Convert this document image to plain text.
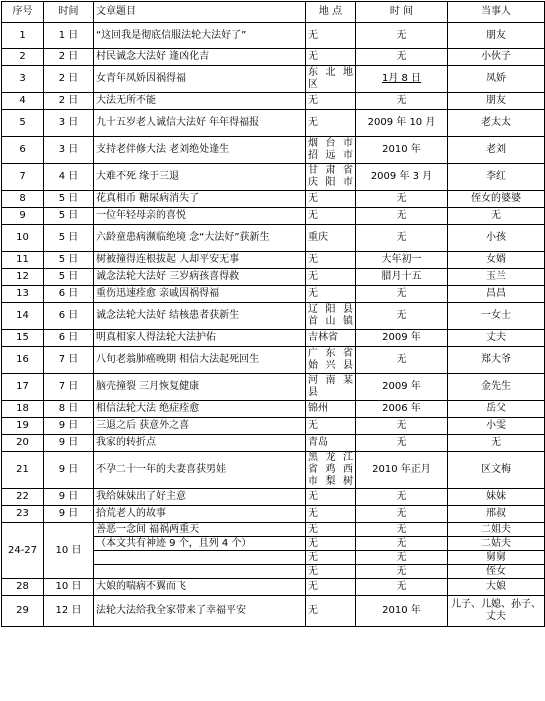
序号	时间	文章题目	地 点	时 间	当事人
1	1 日	“这回我是彻底信服法轮大法好了”	无	无	朋友
2	2 日	村民诚念大法好 逢凶化吉	无	无	小伙子
3	2 日	女青年凤娇因祸得福	东 北 地 区	1月 8 日	凤娇
4	2 日	大法无所不能	无	无	朋友
5	3 日	九十五岁老人诚信大法好 年年得福报	无	2009 年 10 月	老太太
6	3 日	支持老伴修大法 老刘绝处逢生	烟 台 市 招远市	2010 年	老刘
7	4 日	大难不死 缘于三退	甘 肃 省 庆阳市	2009 年 3 月	李红
8	5 日	花真相币 糖尿病消失了	无	无	侄女的婆婆
9	5 日	一位年轻母亲的喜悦	无	无	无
10	5 日	六龄童患病濒临绝境 念“大法好”获新生	重庆	无	小孩
11	5 日	树被撞得连根拔起 人却平安无事	无	大年初一	女婿
12	5 日	诚念法轮大法好 三岁病孩喜得救	无	腊月十五	玉兰
13	6 日	重伤迅速痊愈 亲戚因祸得福	无	无	昌昌
14	6 日	诚念法轮大法好 结核患者获新生	辽 阳 县 首山镇	无	一女士
15	6 日	明真相家人得法轮大法护佑	吉林省	2009 年	丈夫
16	7 日	八旬老翁肺癌晚期 相信大法起死回生	广 东 省 始兴县	无	郑大爷
17	7 日	脑壳撞裂 三月恢复健康	河 南 某 县	2009 年	金先生
18	8 日	相信法轮大法 绝症痊愈	锦州	2006 年	岳父
19	9 日	三退之后 获意外之喜	无	无	小雯
20	9 日	我家的转折点	青岛	无	无
21	9 日	不孕二十一年的夫妻喜获男娃	黑 龙 江 省 鸡 西 市梨树	2010 年正月	区文梅
22	9 日	我给妹妹出了好主意	无	无	妹妹
23	9 日	拾荒老人的故事	无	无	邢叔
24-27	10 日	善恶一念间 福祸两重天	无	无	二姐夫
		（本文共有神迹 9 个，且列 4 个）	无	无	二姑夫
			无	无	舅舅
			无	无	侄女
28	10 日	大娘的喘病不翼而飞	无	无	大娘
29	12 日	法轮大法给我全家带来了幸福平安	无	2010 年	儿子、儿媳、孙子、丈夫
